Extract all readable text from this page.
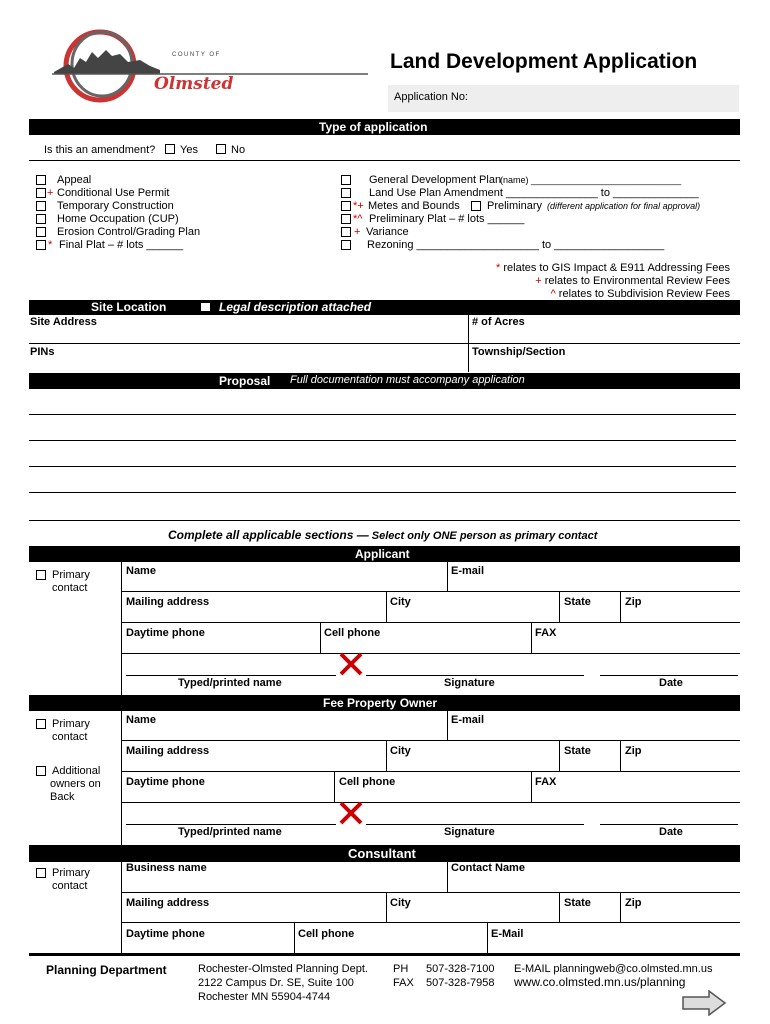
COUNTY OF
Olmsted
Land Development Application
Application No:
Type of application
Is this an amendment? Yes	No
Appeal
+ Conditional Use Permit
Temporary Construction
Home Occupation (CUP)
Erosion Control/Grading Plan
* Final Plat – # lots ______
General Development Plan
(name) ______________________________
Land Use Plan Amendment _______________ to ______________
*+ Metes and Bounds Preliminary (different application for final approval)
*^ Preliminary Plat – # lots ______
+ Variance
Rezoning ____________________ to __________________
* relates to GIS Impact & E911 Addressing Fees
+ relates to Environmental Review Fees
^ relates to Subdivision Review Fees
Site Location	Legal description attached
Site Address	# of Acres
PINs	Township/Section
Proposal Full documentation must accompany application
Complete all applicable sections — Select only ONE person as primary contact
Applicant
Primary
contact
Name	E-mail
Mailing address	City	State	Zip
Daytime phone	Cell phone	FAX
Typed/printed name	Signature	Date
Fee Property Owner
Primary
contact
Additional
owners on
Back
Name	E-mail
Mailing address	City	State	Zip
Daytime phone	Cell phone	FAX
Typed/printed name	Signature	Date
Consultant
Primary
contact
Business name	Contact Name
Mailing address	City	State	Zip
Daytime phone	Cell phone	E-Mail
Planning Department	Rochester-Olmsted Planning Dept.
2122 Campus Dr. SE, Suite 100
Rochester MN 55904-4744
PH 507-328-7100
FAX 507-328-7958
E-MAIL planningweb@co.olmsted.mn.us
www.co.olmsted.mn.us/planning
